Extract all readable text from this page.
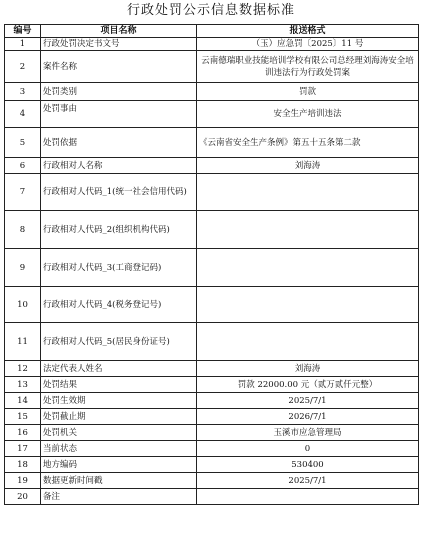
行政处罚公示信息数据标准
编号	项目名称	报送格式
1	行政处罚决定书文号	（玉）应急罚〔2025〕11 号
2	案件名称	云南德瑞职业技能培训学校有限公司总经理刘海涛安全培训违法行为行政处罚案
3	处罚类别	罚款
4	处罚事由	安全生产培训违法
5	处罚依据	《云南省安全生产条例》第五十五条第二款
6	行政相对人名称	刘海涛
7	行政相对人代码_1(统一社会信用代码)	
8	行政相对人代码_2(组织机构代码)	
9	行政相对人代码_3(工商登记码)	
10	行政相对人代码_4(税务登记号)	
11	行政相对人代码_5(居民身份证号)	
12	法定代表人姓名	刘海涛
13	处罚结果	罚款 22000.00 元（贰万贰仟元整）
14	处罚生效期	2025/7/1
15	处罚截止期	2026/7/1
16	处罚机关	玉溪市应急管理局
17	当前状态	0
18	地方编码	530400
19	数据更新时间戳	2025/7/1
20	备注	
